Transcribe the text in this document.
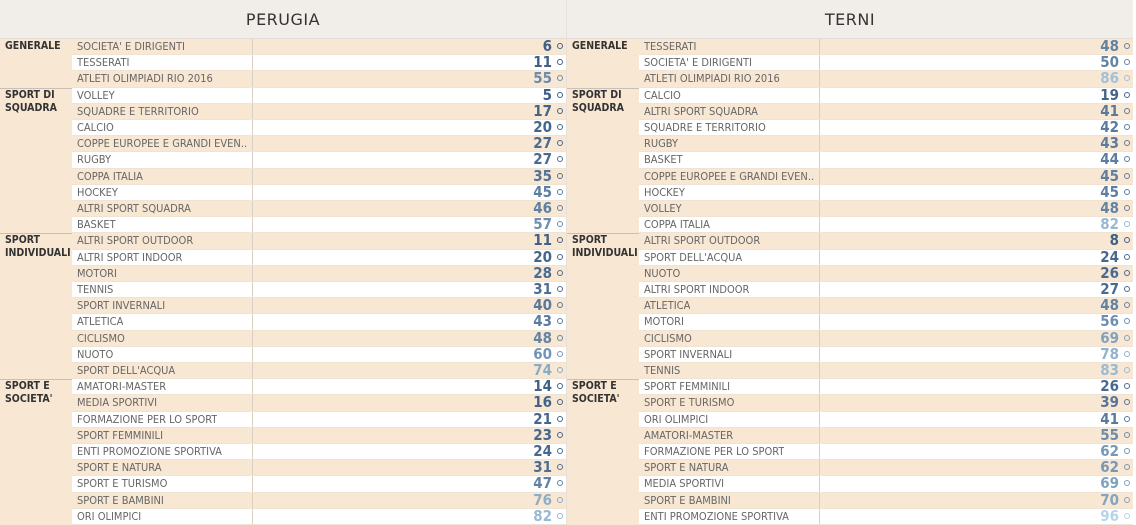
PERUGIA
GENERALE	SOCIETA' E DIRIGENTI	6
TESSERATI	11
ATLETI OLIMPIADI RIO 2016	55
SPORT DI
SQUADRA
VOLLEY	5
SQUADRE E TERRITORIO	17
CALCIO	20
COPPE EUROPEE E GRANDI EVEN..	27
RUGBY	27
COPPA ITALIA	35
HOCKEY	45
ALTRI SPORT SQUADRA	46
BASKET	57
SPORT
INDIVIDUALI
ALTRI SPORT OUTDOOR	11
ALTRI SPORT INDOOR	20
MOTORI	28
TENNIS	31
SPORT INVERNALI	40
ATLETICA	43
CICLISMO	48
NUOTO	60
SPORT DELL'ACQUA	74
SPORT E
SOCIETA'
AMATORI-MASTER	14
MEDIA SPORTIVI	16
FORMAZIONE PER LO SPORT	21
SPORT FEMMINILI	23
ENTI PROMOZIONE SPORTIVA	24
SPORT E NATURA	31
SPORT E TURISMO	47
SPORT E BAMBINI	76
ORI OLIMPICI	82
TERNI
GENERALE	TESSERATI	48
SOCIETA' E DIRIGENTI	50
ATLETI OLIMPIADI RIO 2016	86
SPORT DI
SQUADRA
CALCIO	19
ALTRI SPORT SQUADRA	41
SQUADRE E TERRITORIO	42
RUGBY	43
BASKET	44
COPPE EUROPEE E GRANDI EVEN..	45
HOCKEY	45
VOLLEY	48
COPPA ITALIA	82
SPORT
INDIVIDUALI
ALTRI SPORT OUTDOOR	8
SPORT DELL'ACQUA	24
NUOTO	26
ALTRI SPORT INDOOR	27
ATLETICA	48
MOTORI	56
CICLISMO	69
SPORT INVERNALI	78
TENNIS	83
SPORT E
SOCIETA'
SPORT FEMMINILI	26
SPORT E TURISMO	39
ORI OLIMPICI	41
AMATORI-MASTER	55
FORMAZIONE PER LO SPORT	62
SPORT E NATURA	62
MEDIA SPORTIVI	69
SPORT E BAMBINI	70
ENTI PROMOZIONE SPORTIVA	96
